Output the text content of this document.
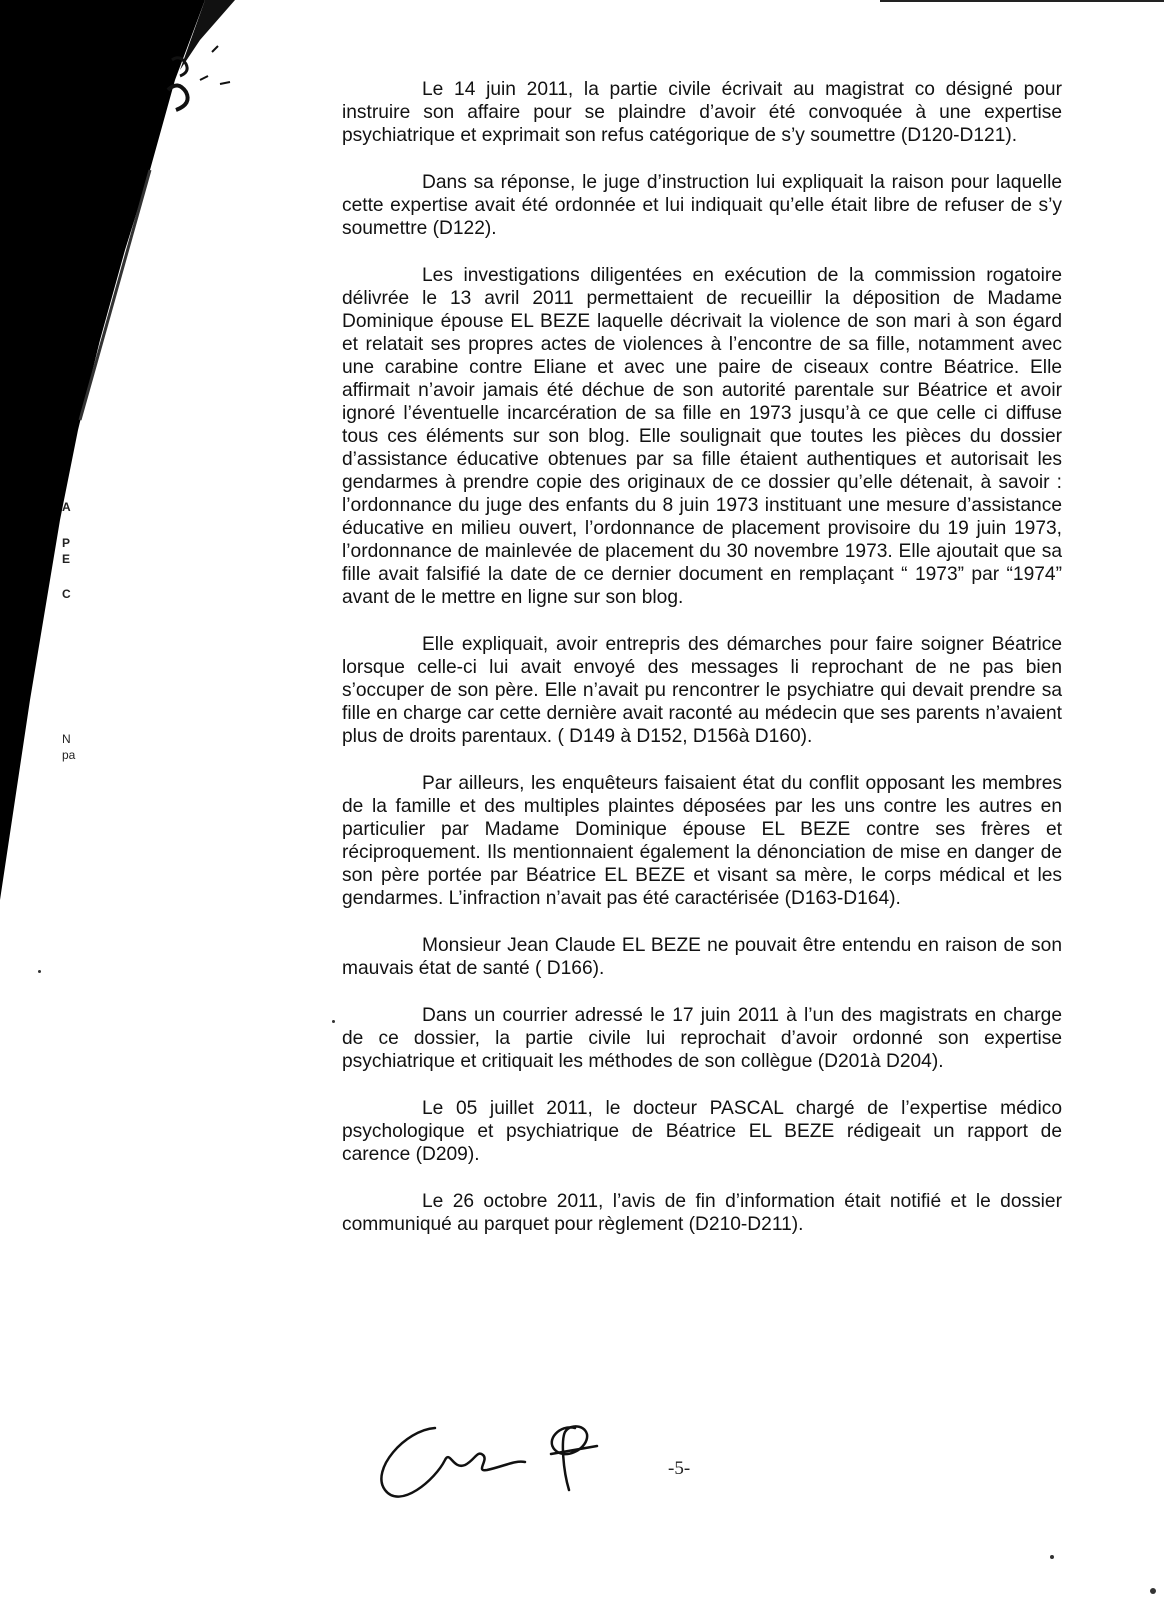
A
P
E
C
N
pa

Le 14 juin 2011, la partie civile écrivait au magistrat co désigné pour instruire son affaire pour se plaindre d’avoir été convoquée à une expertise psychiatrique et exprimait son refus catégorique de s’y soumettre (D120-D121).

Dans sa réponse, le juge d’instruction lui expliquait la raison pour laquelle cette expertise avait été ordonnée et lui indiquait qu’elle était libre de refuser de s’y soumettre (D122).

Les investigations diligentées en exécution de la commission rogatoire délivrée le 13 avril 2011 permettaient de recueillir la déposition de Madame Dominique épouse EL BEZE laquelle décrivait la violence de son mari à son égard et relatait ses propres actes de violences à l’encontre de sa fille, notamment avec une carabine contre Eliane et avec une paire de ciseaux contre Béatrice. Elle affirmait n’avoir jamais été déchue de son autorité parentale sur Béatrice et avoir ignoré l’éventuelle incarcération de sa fille en 1973 jusqu’à ce que celle ci diffuse tous ces éléments sur son blog. Elle soulignait que toutes les pièces du dossier d’assistance éducative obtenues par sa fille étaient authentiques et autorisait les gendarmes à prendre copie des originaux de ce dossier qu’elle détenait, à savoir : l’ordonnance du juge des enfants du 8 juin 1973 instituant une mesure d’assistance éducative en milieu ouvert, l’ordonnance de placement provisoire du 19 juin 1973, l’ordonnance de mainlevée de placement du 30 novembre 1973. Elle ajoutait que sa fille avait falsifié la date de ce dernier document en remplaçant “ 1973” par “1974” avant de le mettre en ligne sur son blog.

Elle expliquait, avoir entrepris des démarches pour faire soigner Béatrice lorsque celle-ci lui avait envoyé des messages li reprochant de ne pas bien s’occuper de son père. Elle n’avait pu rencontrer le psychiatre qui devait prendre sa fille en charge car cette dernière avait raconté au médecin que ses parents n’avaient plus de droits parentaux. ( D149 à D152, D156à D160).

Par ailleurs, les enquêteurs faisaient état du conflit opposant les membres de la famille et des multiples plaintes déposées par les uns contre les autres en particulier par Madame Dominique épouse EL BEZE contre ses frères et réciproquement. Ils mentionnaient également la dénonciation de mise en danger de son père portée par Béatrice EL BEZE et visant sa mère, le corps médical et les gendarmes. L’infraction n’avait pas été caractérisée (D163-D164).

Monsieur Jean Claude EL BEZE ne pouvait être entendu en raison de son mauvais état de santé ( D166).

Dans un courrier adressé le 17 juin 2011 à l’un des magistrats en charge de ce dossier, la partie civile lui reprochait d’avoir ordonné son expertise psychiatrique et critiquait les méthodes de son collègue (D201à D204).

Le 05 juillet 2011, le docteur PASCAL chargé de l’expertise médico psychologique et psychiatrique de Béatrice EL BEZE rédigeait un rapport de carence (D209).

Le 26 octobre 2011, l’avis de fin d’information était notifié et le dossier communiqué au parquet pour règlement (D210-D211).

-5-
